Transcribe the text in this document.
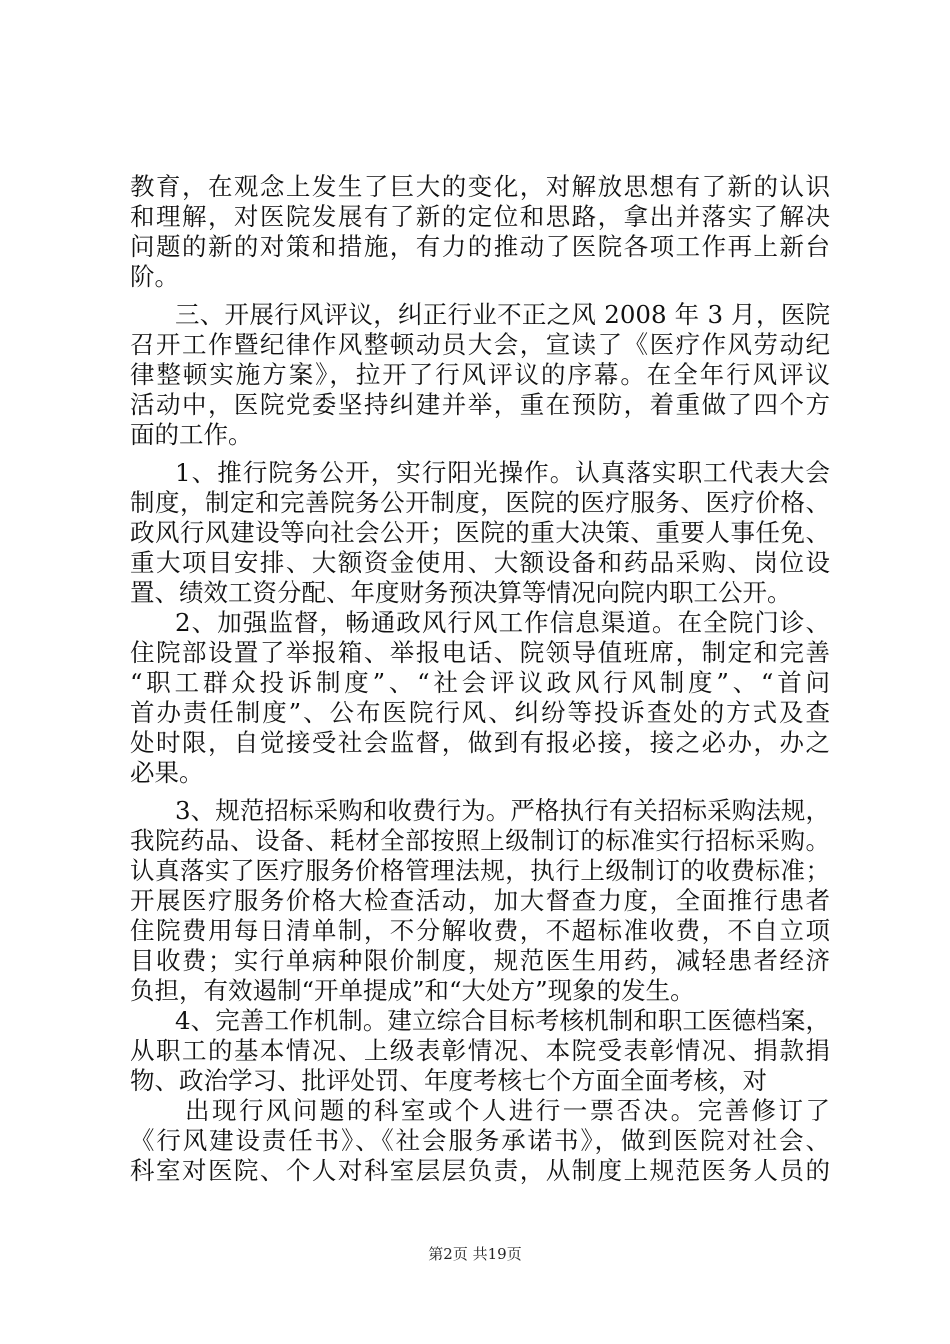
教育，在观念上发生了巨大的变化，对解放思想有了新的认识
和理解，对医院发展有了新的定位和思路，拿出并落实了解决
问题的新的对策和措施，有力的推动了医院各项工作再上新台
阶。
三、开展行风评议，纠正行业不正之风 2008 年 3 月，医院
召开工作暨纪律作风整顿动员大会，宣读了《医疗作风劳动纪
律整顿实施方案》，拉开了行风评议的序幕。在全年行风评议
活动中，医院党委坚持纠建并举，重在预防，着重做了四个方
面的工作。
1、推行院务公开，实行阳光操作。认真落实职工代表大会
制度，制定和完善院务公开制度，医院的医疗服务、医疗价格、
政风行风建设等向社会公开；医院的重大决策、重要人事任免、
重大项目安排、大额资金使用、大额设备和药品采购、岗位设
置、绩效工资分配、年度财务预决算等情况向院内职工公开。
2、加强监督，畅通政风行风工作信息渠道。在全院门诊、
住院部设置了举报箱、举报电话、院领导值班席，制定和完善
“职工群众投诉制度”、“社会评议政风行风制度”、“首问
首办责任制度”、公布医院行风、纠纷等投诉查处的方式及查
处时限，自觉接受社会监督，做到有报必接，接之必办，办之
必果。
3、规范招标采购和收费行为。严格执行有关招标采购法规，
我院药品、设备、耗材全部按照上级制订的标准实行招标采购。
认真落实了医疗服务价格管理法规，执行上级制订的收费标准；
开展医疗服务价格大检查活动，加大督查力度，全面推行患者
住院费用每日清单制，不分解收费，不超标准收费，不自立项
目收费；实行单病种限价制度，规范医生用药，减轻患者经济
负担，有效遏制“开单提成”和“大处方”现象的发生。
4、完善工作机制。建立综合目标考核机制和职工医德档案，
从职工的基本情况、上级表彰情况、本院受表彰情况、捐款捐
物、政治学习、批评处罚、年度考核七个方面全面考核，对
出现行风问题的科室或个人进行一票否决。完善修订了
《行风建设责任书》、《社会服务承诺书》，做到医院对社会、
科室对医院、个人对科室层层负责，从制度上规范医务人员的
第2页 共19页
